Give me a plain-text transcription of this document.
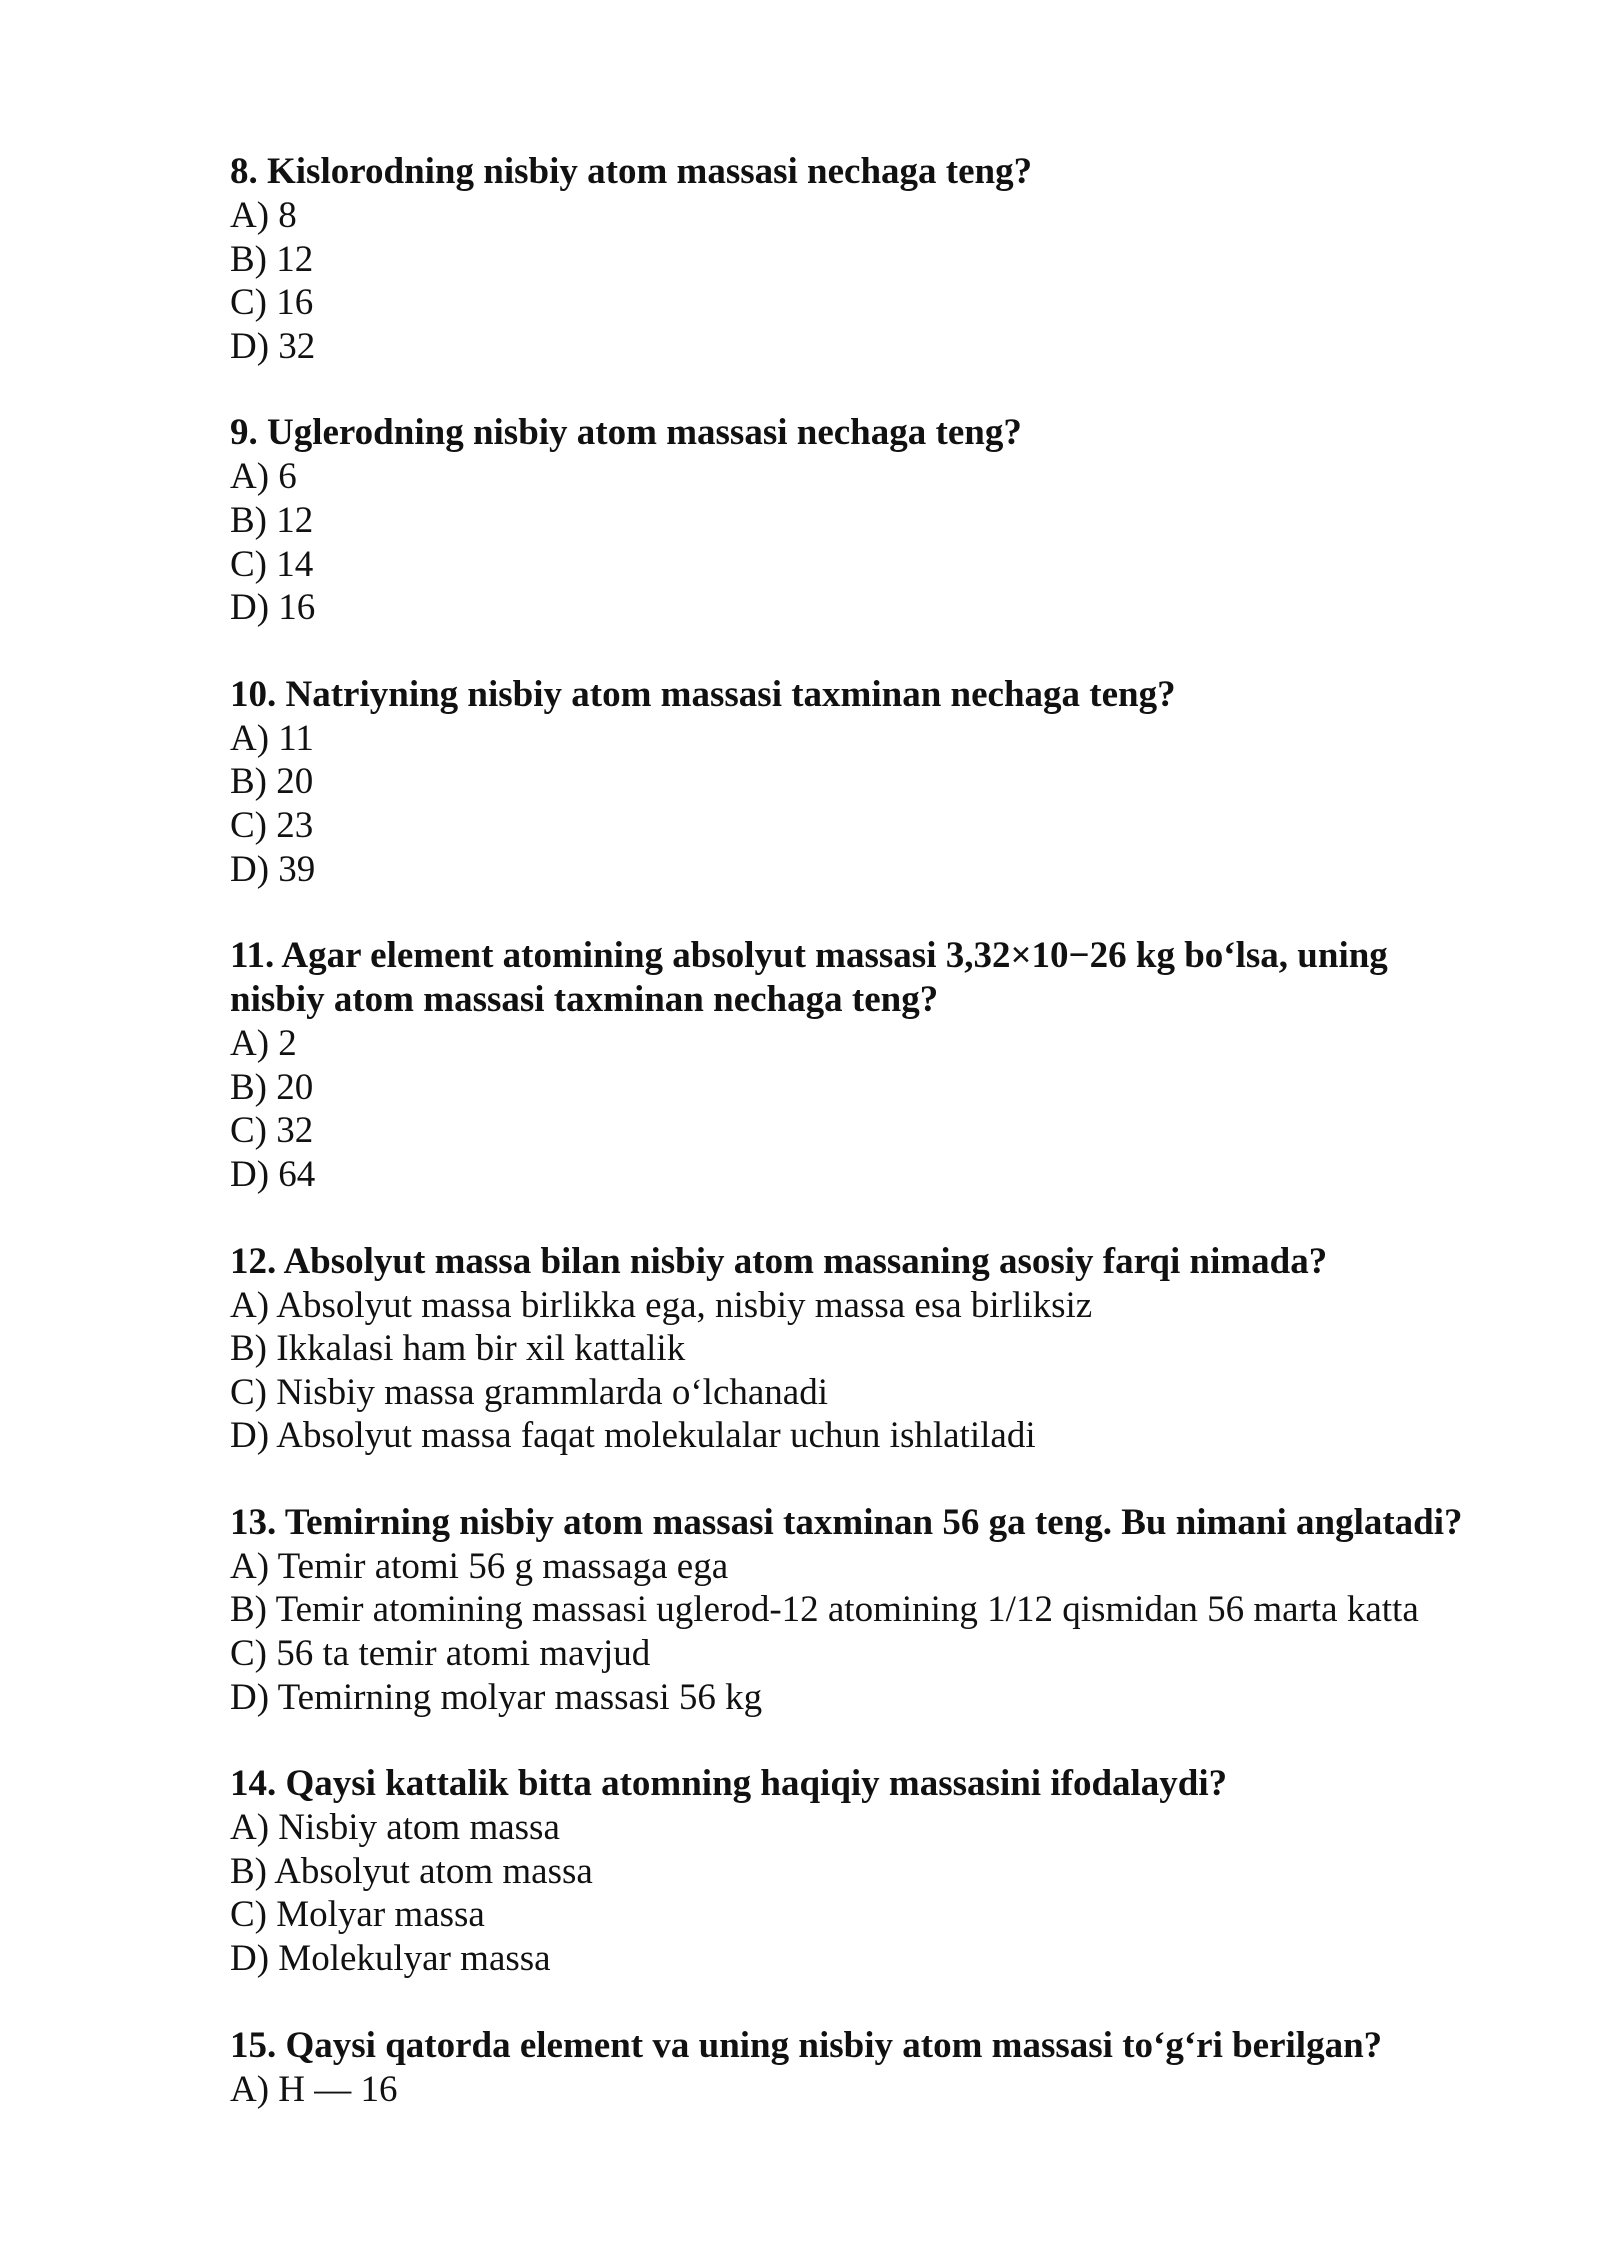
8. Kislorodning nisbiy atom massasi nechaga teng?

A) 8
B) 12
C) 16
D) 32

9. Uglerodning nisbiy atom massasi nechaga teng?

A) 6
B) 12
C) 14
D) 16

10. Natriyning nisbiy atom massasi taxminan nechaga teng?

A) 11
B) 20
C) 23
D) 39

11. Agar element atomining absolyut massasi 3,32×10−26 kg bo‘lsa, uning nisbiy atom massasi taxminan nechaga teng?

A) 2
B) 20
C) 32
D) 64

12. Absolyut massa bilan nisbiy atom massaning asosiy farqi nimada?

A) Absolyut massa birlikka ega, nisbiy massa esa birliksiz
B) Ikkalasi ham bir xil kattalik
C) Nisbiy massa grammlarda o‘lchanadi
D) Absolyut massa faqat molekulalar uchun ishlatiladi

13. Temirning nisbiy atom massasi taxminan 56 ga teng. Bu nimani anglatadi?

A) Temir atomi 56 g massaga ega
B) Temir atomining massasi uglerod-12 atomining 1/12 qismidan 56 marta katta
C) 56 ta temir atomi mavjud
D) Temirning molyar massasi 56 kg

14. Qaysi kattalik bitta atomning haqiqiy massasini ifodalaydi?

A) Nisbiy atom massa
B) Absolyut atom massa
C) Molyar massa
D) Molekulyar massa

15. Qaysi qatorda element va uning nisbiy atom massasi to‘g‘ri berilgan?

A) H — 16
